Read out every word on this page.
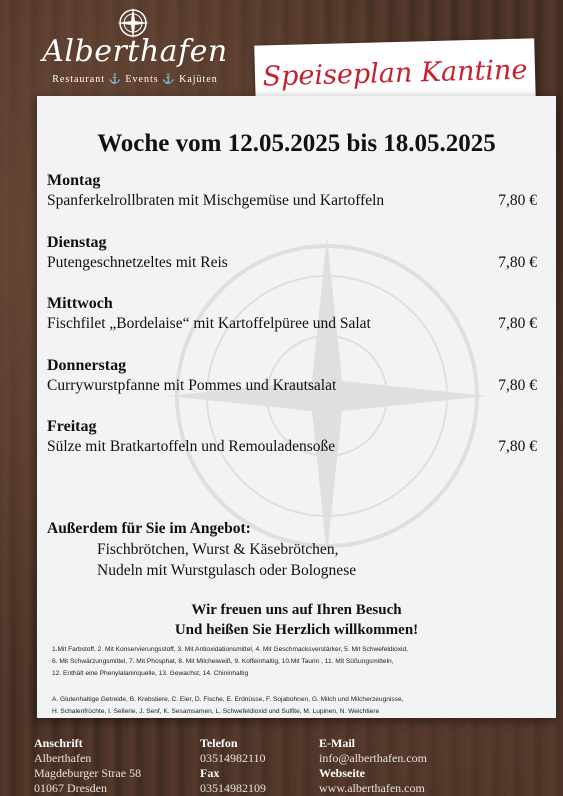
Alberthafen
Restaurant ⚓ Events ⚓ Kajüten	Speiseplan Kantine
Woche vom 12.05.2025 bis 18.05.2025
Montag
Spanferkelrollbraten mit Mischgemüse und Kartoffeln	7,80 €
Dienstag
Putengeschnetzeltes mit Reis	7,80 €
Mittwoch
Fischfilet „Bordelaise“ mit Kartoffelpüree und Salat	7,80 €
Donnerstag
Currywurstpfanne mit Pommes und Krautsalat	7,80 €
Freitag
Sülze mit Bratkartoffeln und Remouladensoße	7,80 €
Außerdem für Sie im Angebot:
Fischbrötchen, Wurst & Käsebrötchen,
Nudeln mit Wurstgulasch oder Bolognese
Wir freuen uns auf Ihren Besuch
Und heißen Sie Herzlich willkommen!
1.Mit Farbstoff, 2. Mit Konservierungsstoff, 3. Mit Antioxidationsmittel, 4. Mit Geschmacksverstärker, 5. Mit Schwefeldioxid,
6. Mit Schwärzungsmittel, 7. Mit Phosphat, 8. Mit Milcheiweiß, 9. Koffeinhaltig, 10.Mit Taurin , 11. Mit Süßungsmitteln,
12. Enthält eine Phenylalaninquelle, 13. Gewachst, 14. Chininhaltig
A. Glutenhaltige Getreide, B. Krebstiere, C. Eier, D. Fische, E. Erdnüsse, F. Sojabohnen, G. Milch und Milcherzeugnisse,
H. Schalenfrüchte, I. Sellerie, J. Senf, K. Sesamsamen, L. Schwefeldioxid und Sulfite, M. Lupinen, N. Weichtiere
Anschrift
Alberthafen
Magdeburger Strae 58
01067 Dresden
Telefon
03514982110
Fax
03514982109
E-Mail
info@alberthafen.com
Webseite
www.alberthafen.com
